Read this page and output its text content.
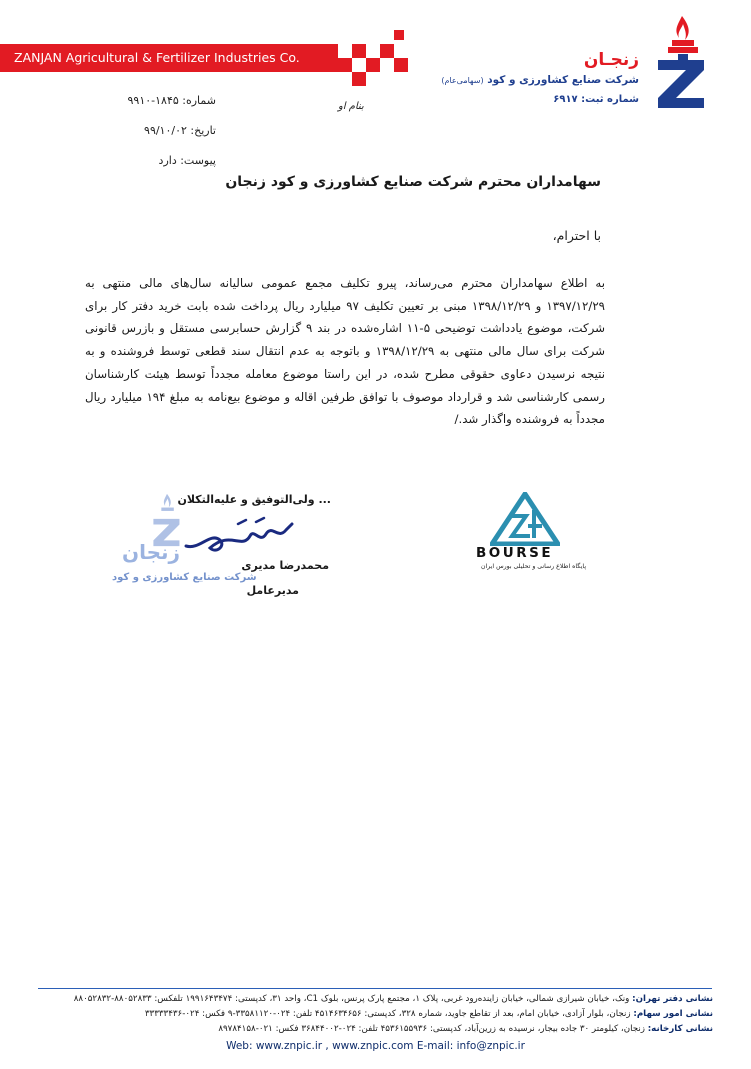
ZANJAN Agricultural & Fertilizer Industries Co.	زنجـان
شرکت صنایع کشاورزی و کود (سهامی‌عام)
شماره ثبت: ۶۹۱۷
شماره: ۱۸۴۵-۹۹۱۰
تاریخ: ۹۹/۱۰/۰۲
پیوست: دارد
بنام او
سهامداران محترم شرکت صنایع کشاورزی و کود زنجان
با احترام،
به اطلاع سهامداران محترم می‌رساند، پیرو تکلیف مجمع عمومی سالیانه سال‌های مالی منتهی به ۱۳۹۷/۱۲/۲۹ و ۱۳۹۸/۱۲/۲۹ مبنی بر تعیین تکلیف ۹۷ میلیارد ریال پرداخت شده بابت خرید دفتر کار برای شرکت، موضوع یادداشت توضیحی ۵-۱۱ اشاره‌شده در بند ۹ گزارش حسابرسی مستقل و بازرس قانونی شرکت برای سال مالی منتهی به ۱۳۹۸/۱۲/۲۹ و باتوجه به عدم انتقال سند قطعی توسط فروشنده و به نتیجه نرسیدن دعاوی حقوقی مطرح شده، در این راستا موضوع معامله مجدداً توسط هیئت کارشناسان رسمی کارشناسی شد و قرارداد موصوف با توافق طرفین اقاله و موضوع بیع‌نامه به مبلغ ۱۹۴ میلیارد ریال مجدداً به فروشنده واگذار شد./
زنجان
شرکت صنایع کشاورزی و کود
... ولی‌التوفیق و علیه‌التکلان
محمدرضا مدیری
مدیرعامل
BOURSE
پایگاه اطلاع رسانی و تحلیلی بورس ایران
نشانی دفتر تهران: ونک، خیابان شیرازی شمالی، خیابان زاینده‌رود غربی، پلاک ۱، مجتمع پارک پرنس، بلوک C1، واحد ۳۱، کدپستی: ۱۹۹۱۶۴۳۴۷۴ تلفکس: ۸۸۰۵۲۸۳۳-۸۸۰۵۲۸۳۲
نشانی امور سهام: زنجان، بلوار آزادی، خیابان امام، بعد از تقاطع جاوید، شماره ۳۲۸، کدپستی: ۴۵۱۴۶۳۴۶۵۶ تلفن: ۰۲۴-۳۳۵۸۱۱۲۰-۹ فکس: ۰۲۴-۳۳۳۳۳۴۳۶
نشانی کارخانه: زنجان، کیلومتر ۳۰ جاده بیجار، نرسیده به زرین‌آباد، کدپستی: ۴۵۳۶۱۵۵۹۳۶ تلفن: ۰۲۴-۳۶۸۴۴۰۰۲ فکس: ۰۲۱-۸۹۷۸۴۱۵۸
Web: www.znpic.ir , www.znpic.com E-mail: info@znpic.ir
